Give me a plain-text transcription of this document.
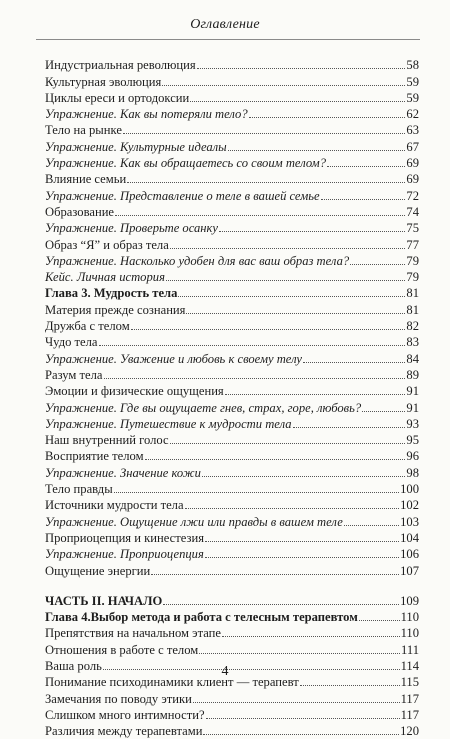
Оглавление
Индустриальная революция	58
Культурная эволюция	59
Циклы ереси и ортодоксии	59
Упражнение. Как вы потеряли тело?	62
Тело на рынке	63
Упражнение. Культурные идеалы	67
Упражнение. Как вы обращаетесь со своим телом?	69
Влияние семьи	69
Упражнение. Представление о теле в вашей семье	72
Образование	74
Упражнение. Проверьте осанку	75
Образ “Я” и образ тела	77
Упражнение. Насколько удобен для вас ваш образ тела?	79
Кейс. Личная история	79
Глава 3. Мудрость тела	81
Материя прежде сознания	81
Дружба с телом	82
Чудо тела	83
Упражнение. Уважение и любовь к своему телу	84
Разум тела	89
Эмоции и физические ощущения	91
Упражнение. Где вы ощущаете гнев, страх, горе, любовь?	91
Упражнение. Путешествие к мудрости тела	93
Наш внутренний голос	95
Восприятие телом	96
Упражнение. Значение кожи	98
Тело правды	100
Источники мудрости тела	102
Упражнение. Ощущение лжи или правды в вашем теле	103
Проприоцепция и кинестезия	104
Упражнение. Проприоцепция	106
Ощущение энергии	107
ЧАСТЬ II. НАЧАЛО	109
Глава 4.Выбор метода и работа с телесным терапевтом	110
Препятствия на начальном этапе	110
Отношения в работе с телом	111
Ваша роль	114
Понимание психодинамики клиент — терапевт	115
Замечания по поводу этики	117
Слишком много интимности?	117
Различия между терапевтами	120
4
